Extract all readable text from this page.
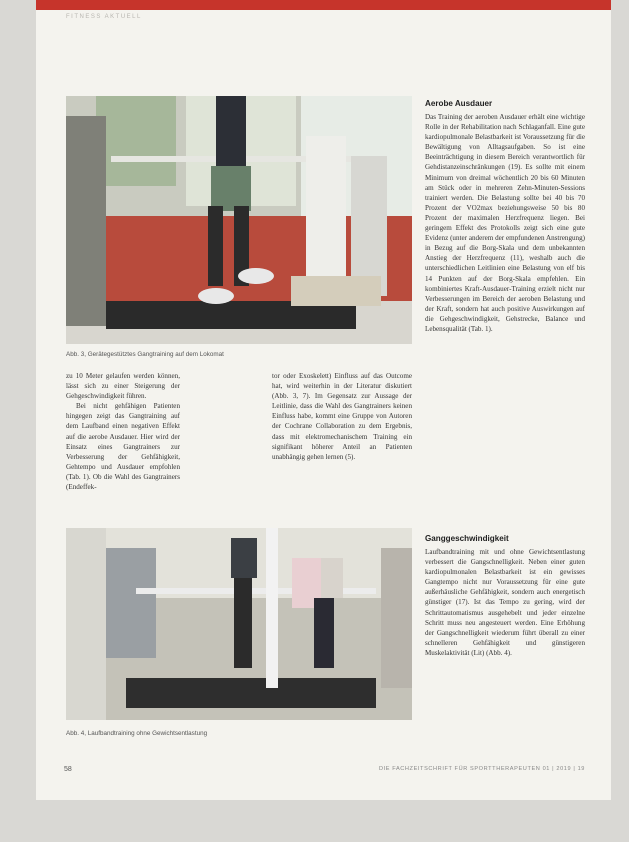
FITNESS AKTUELL
Abb. 3, Gerätegestütztes Gangtraining auf dem Lokomat

zu 10 Meter gelaufen werden können, lässt sich zu einer Steigerung der Gehgeschwindigkeit führen.

Bei nicht gehfähigen Patienten hingegen zeigt das Gangtraining auf dem Laufband einen negativen Effekt auf die aerobe Ausdauer. Hier wird der Einsatz eines Gangtrainers zur Verbesserung der Gehfähigkeit, Gehtempo und Ausdauer empfohlen (Tab. 1). Ob die Wahl des Gangtrainers (Endeffek-

tor oder Exoskelett) Einfluss auf das Outcome hat, wird weiterhin in der Literatur diskutiert (Abb. 3, 7). Im Gegensatz zur Aussage der Leitlinie, dass die Wahl des Gangtrainers keinen Einfluss habe, kommt eine Gruppe von Autoren der Cochrane Collaboration zu dem Ergebnis, dass mit elektromechanischem Training ein signifikant höherer Anteil an Patienten unabhängig gehen lernen (5).

Abb. 4, Laufbandtraining ohne Gewichtsentlastung
Aerobe Ausdauer

Das Training der aeroben Ausdauer erhält eine wichtige Rolle in der Rehabilitation nach Schlaganfall. Eine gute kardiopulmonale Belastbarkeit ist Voraussetzung für die Bewältigung von Alltagsaufgaben. So ist eine Beeinträchtigung in diesem Bereich verantwortlich für Gehdistanzeinschränkungen (19). Es sollte mit einem Minimum von dreimal wöchentlich 20 bis 60 Minuten am Stück oder in mehreren Zehn-Minuten-Sessions trainiert werden. Die Belastung sollte bei 40 bis 70 Prozent der VO2max beziehungsweise 50 bis 80 Prozent der maximalen Herzfrequenz liegen. Bei geringem Effekt des Protokolls zeigt sich eine gute Evidenz (unter anderem der empfundenen Anstrengung) in Bezug auf die Borg-Skala und dem unbekannten Anstieg der Herzfrequenz (11), weshalb auch die unterschiedlichen Leitlinien eine Belastung von elf bis 14 Punkten auf der Borg-Skala empfehlen. Ein kombiniertes Kraft-Ausdauer-Training erzielt nicht nur Verbesserungen im Bereich der aeroben Belastung und der Kraft, sondern hat auch positive Auswirkungen auf die Gehgeschwindigkeit, Gehstrecke, Balance und Lebensqualität (Tab. 1).

Ganggeschwindigkeit

Laufbandtraining mit und ohne Gewichtsentlastung verbessert die Gangschnelligkeit. Neben einer guten kardiopulmonalen Belastbarkeit ist ein gewisses Gangtempo nicht nur Voraussetzung für eine gute außerhäusliche Gehfähigkeit, sondern auch energetisch günstiger (17). Ist das Tempo zu gering, wird der Schrittautomatismus ausgehebelt und jeder einzelne Schritt muss neu angesteuert werden. Eine Erhöhung der Gangschnelligkeit wiederum führt überall zu einer schnelleren Gehfähigkeit und günstigeren Muskelaktivität (Lit) (Abb. 4).

58	DIE FACHZEITSCHRIFT FÜR SPORTTHERAPEUTEN 01 | 2019 | 19
